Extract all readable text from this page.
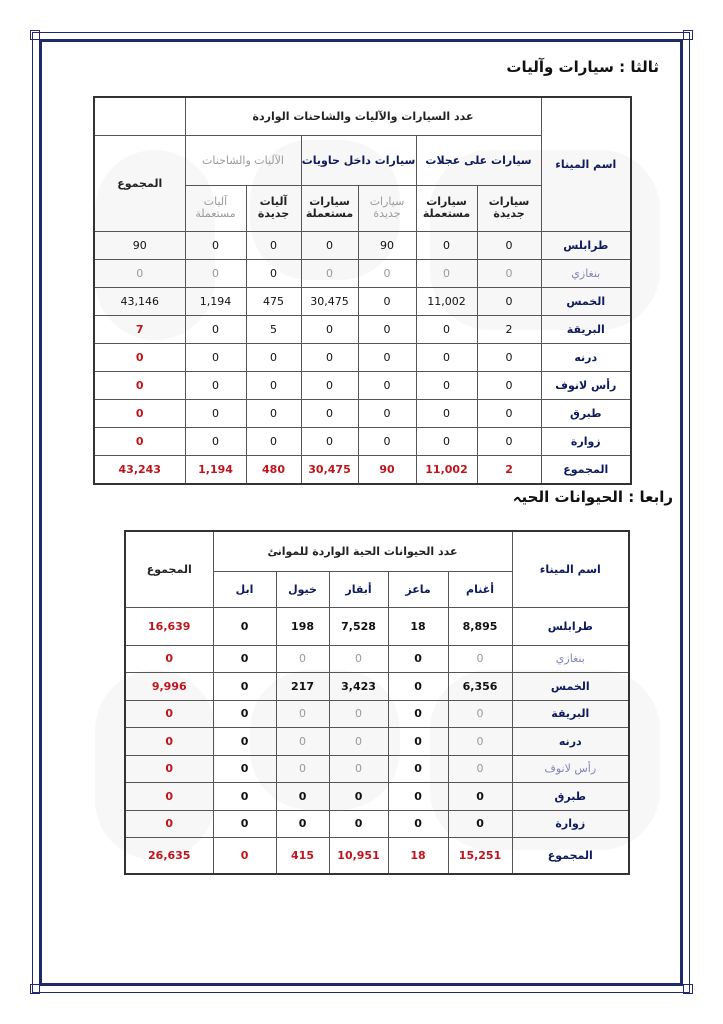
ثالثا : سيارات وآليات
اسم الميناء	عدد السيارات والآليات والشاحنات الواردة						
	سيارات على عجلات		سيارات داخل حاويات		الآليات والشاحنات		المجموع
	سيارات جديدة	سيارات مستعملة	سيارات جديدة	سيارات مستعملة	آليات جديدة	آليات مستعملة	
طرابلس	0	0	90	0	0	0	90
بنغازي	0	0	0	0	0	0	0
الخمس	0	11,002	0	30,475	475	1,194	43,146
البريقة	2	0	0	0	5	0	7
درنه	0	0	0	0	0	0	0
رأس لانوف	0	0	0	0	0	0	0
طبرق	0	0	0	0	0	0	0
زوارة	0	0	0	0	0	0	0
المجموع	2	11,002	90	30,475	480	1,194	43,243
رابعا : الحيوانات الحيہ
اسم الميناء	عدد الحيوانات الحية الواردة للموانئ					المجموع
	أغنام	ماعز	أبقار	خيول	ابل	
طرابلس	8,895	18	7,528	198	0	16,639
بنغازي	0	0	0	0	0	0
الخمس	6,356	0	3,423	217	0	9,996
البريقة	0	0	0	0	0	0
درنه	0	0	0	0	0	0
رأس لانوف	0	0	0	0	0	0
طبرق	0	0	0	0	0	0
زوارة	0	0	0	0	0	0
المجموع	15,251	18	10,951	415	0	26,635
